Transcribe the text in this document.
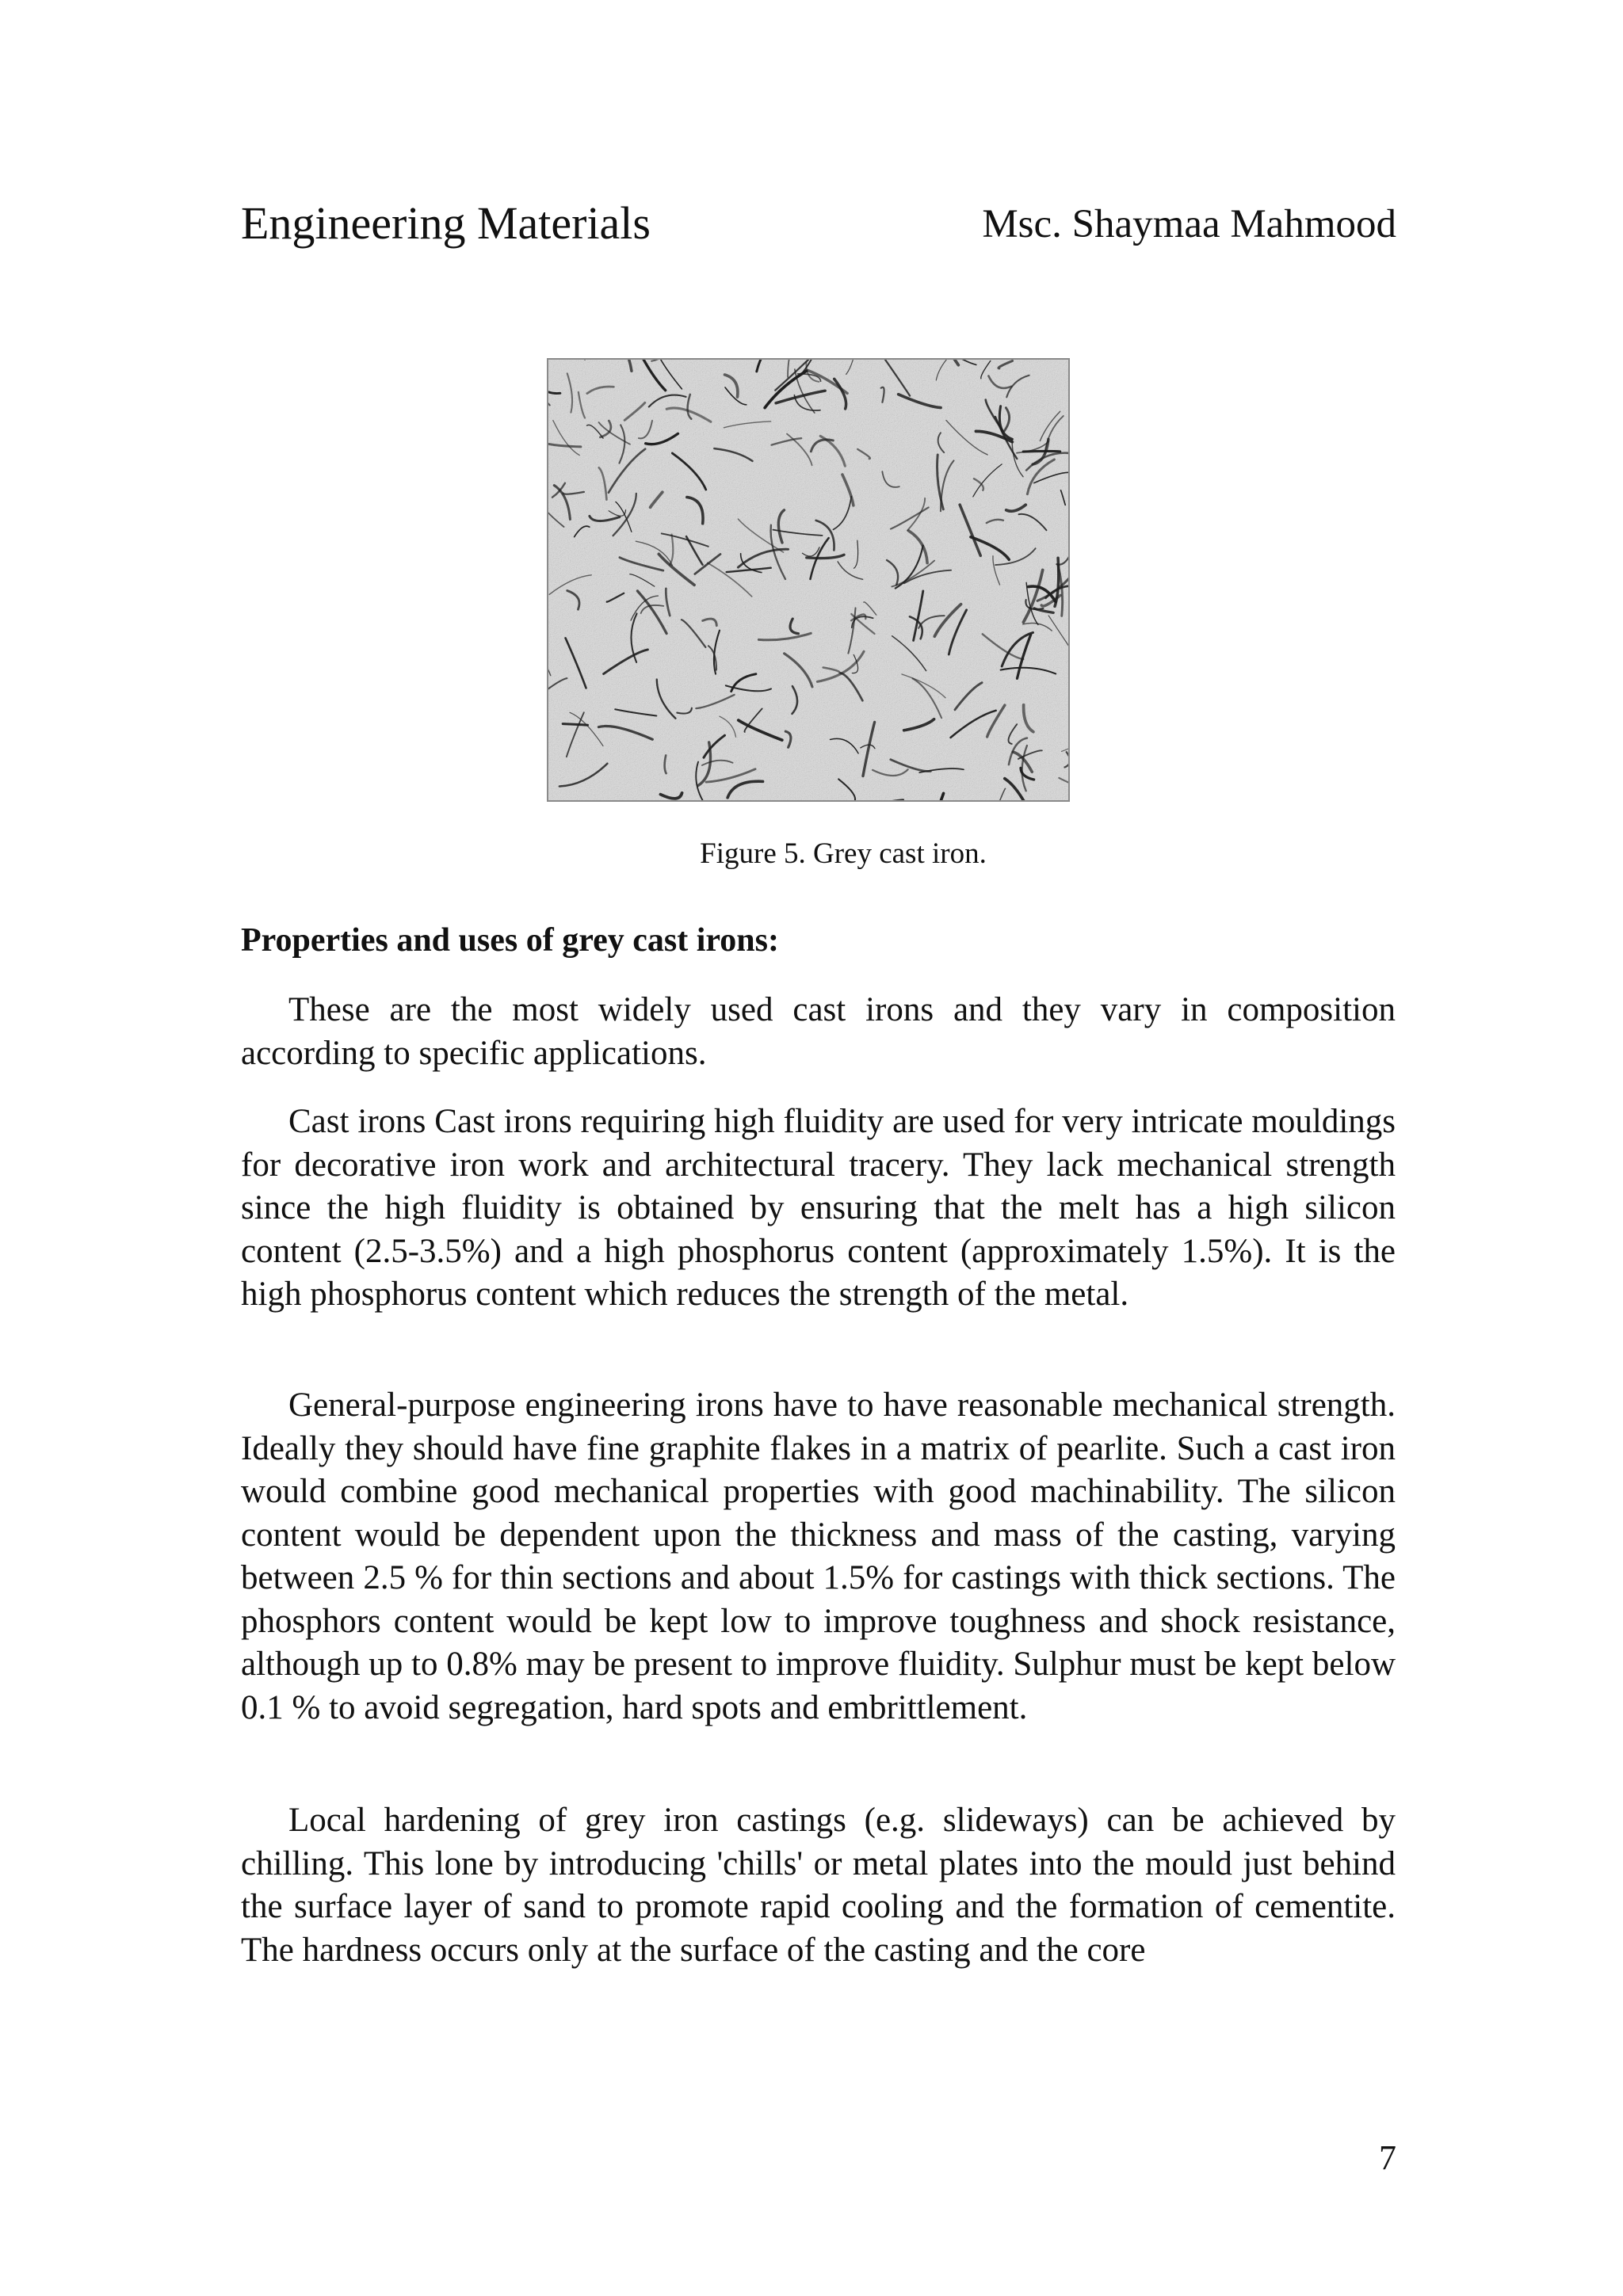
Engineering Materials	Msc. Shaymaa Mahmood
Figure 5. Grey cast iron.
Properties and uses of grey cast irons:

These are the most widely used cast irons and they vary in composition according to specific applications.

Cast irons Cast irons requiring high fluidity are used for very intricate mouldings for decorative iron work and architectural tracery. They lack mechanical strength since the high fluidity is obtained by ensuring that the melt has a high silicon content (2.5-3.5%) and a high phosphorus content (approximately 1.5%). It is the high phosphorus content which reduces the strength of the metal.

General-purpose engineering irons have to have reasonable mechanical strength. Ideally they should have fine graphite flakes in a matrix of pearlite. Such a cast iron would combine good mechanical properties with good machinability. The silicon content would be dependent upon the thickness and mass of the casting, varying between 2.5 % for thin sections and about 1.5% for castings with thick sections. The phosphors content would be kept low to improve toughness and shock resistance, although up to 0.8% may be present to improve fluidity. Sulphur must be kept below 0.1 % to avoid segregation, hard spots and embrittlement.

Local hardening of grey iron castings (e.g. slideways) can be achieved by chilling. This lone by introducing 'chills' or metal plates into the mould just behind the surface layer of sand to promote rapid cooling and the formation of cementite. The hardness occurs only at the surface of the casting and the core

7
